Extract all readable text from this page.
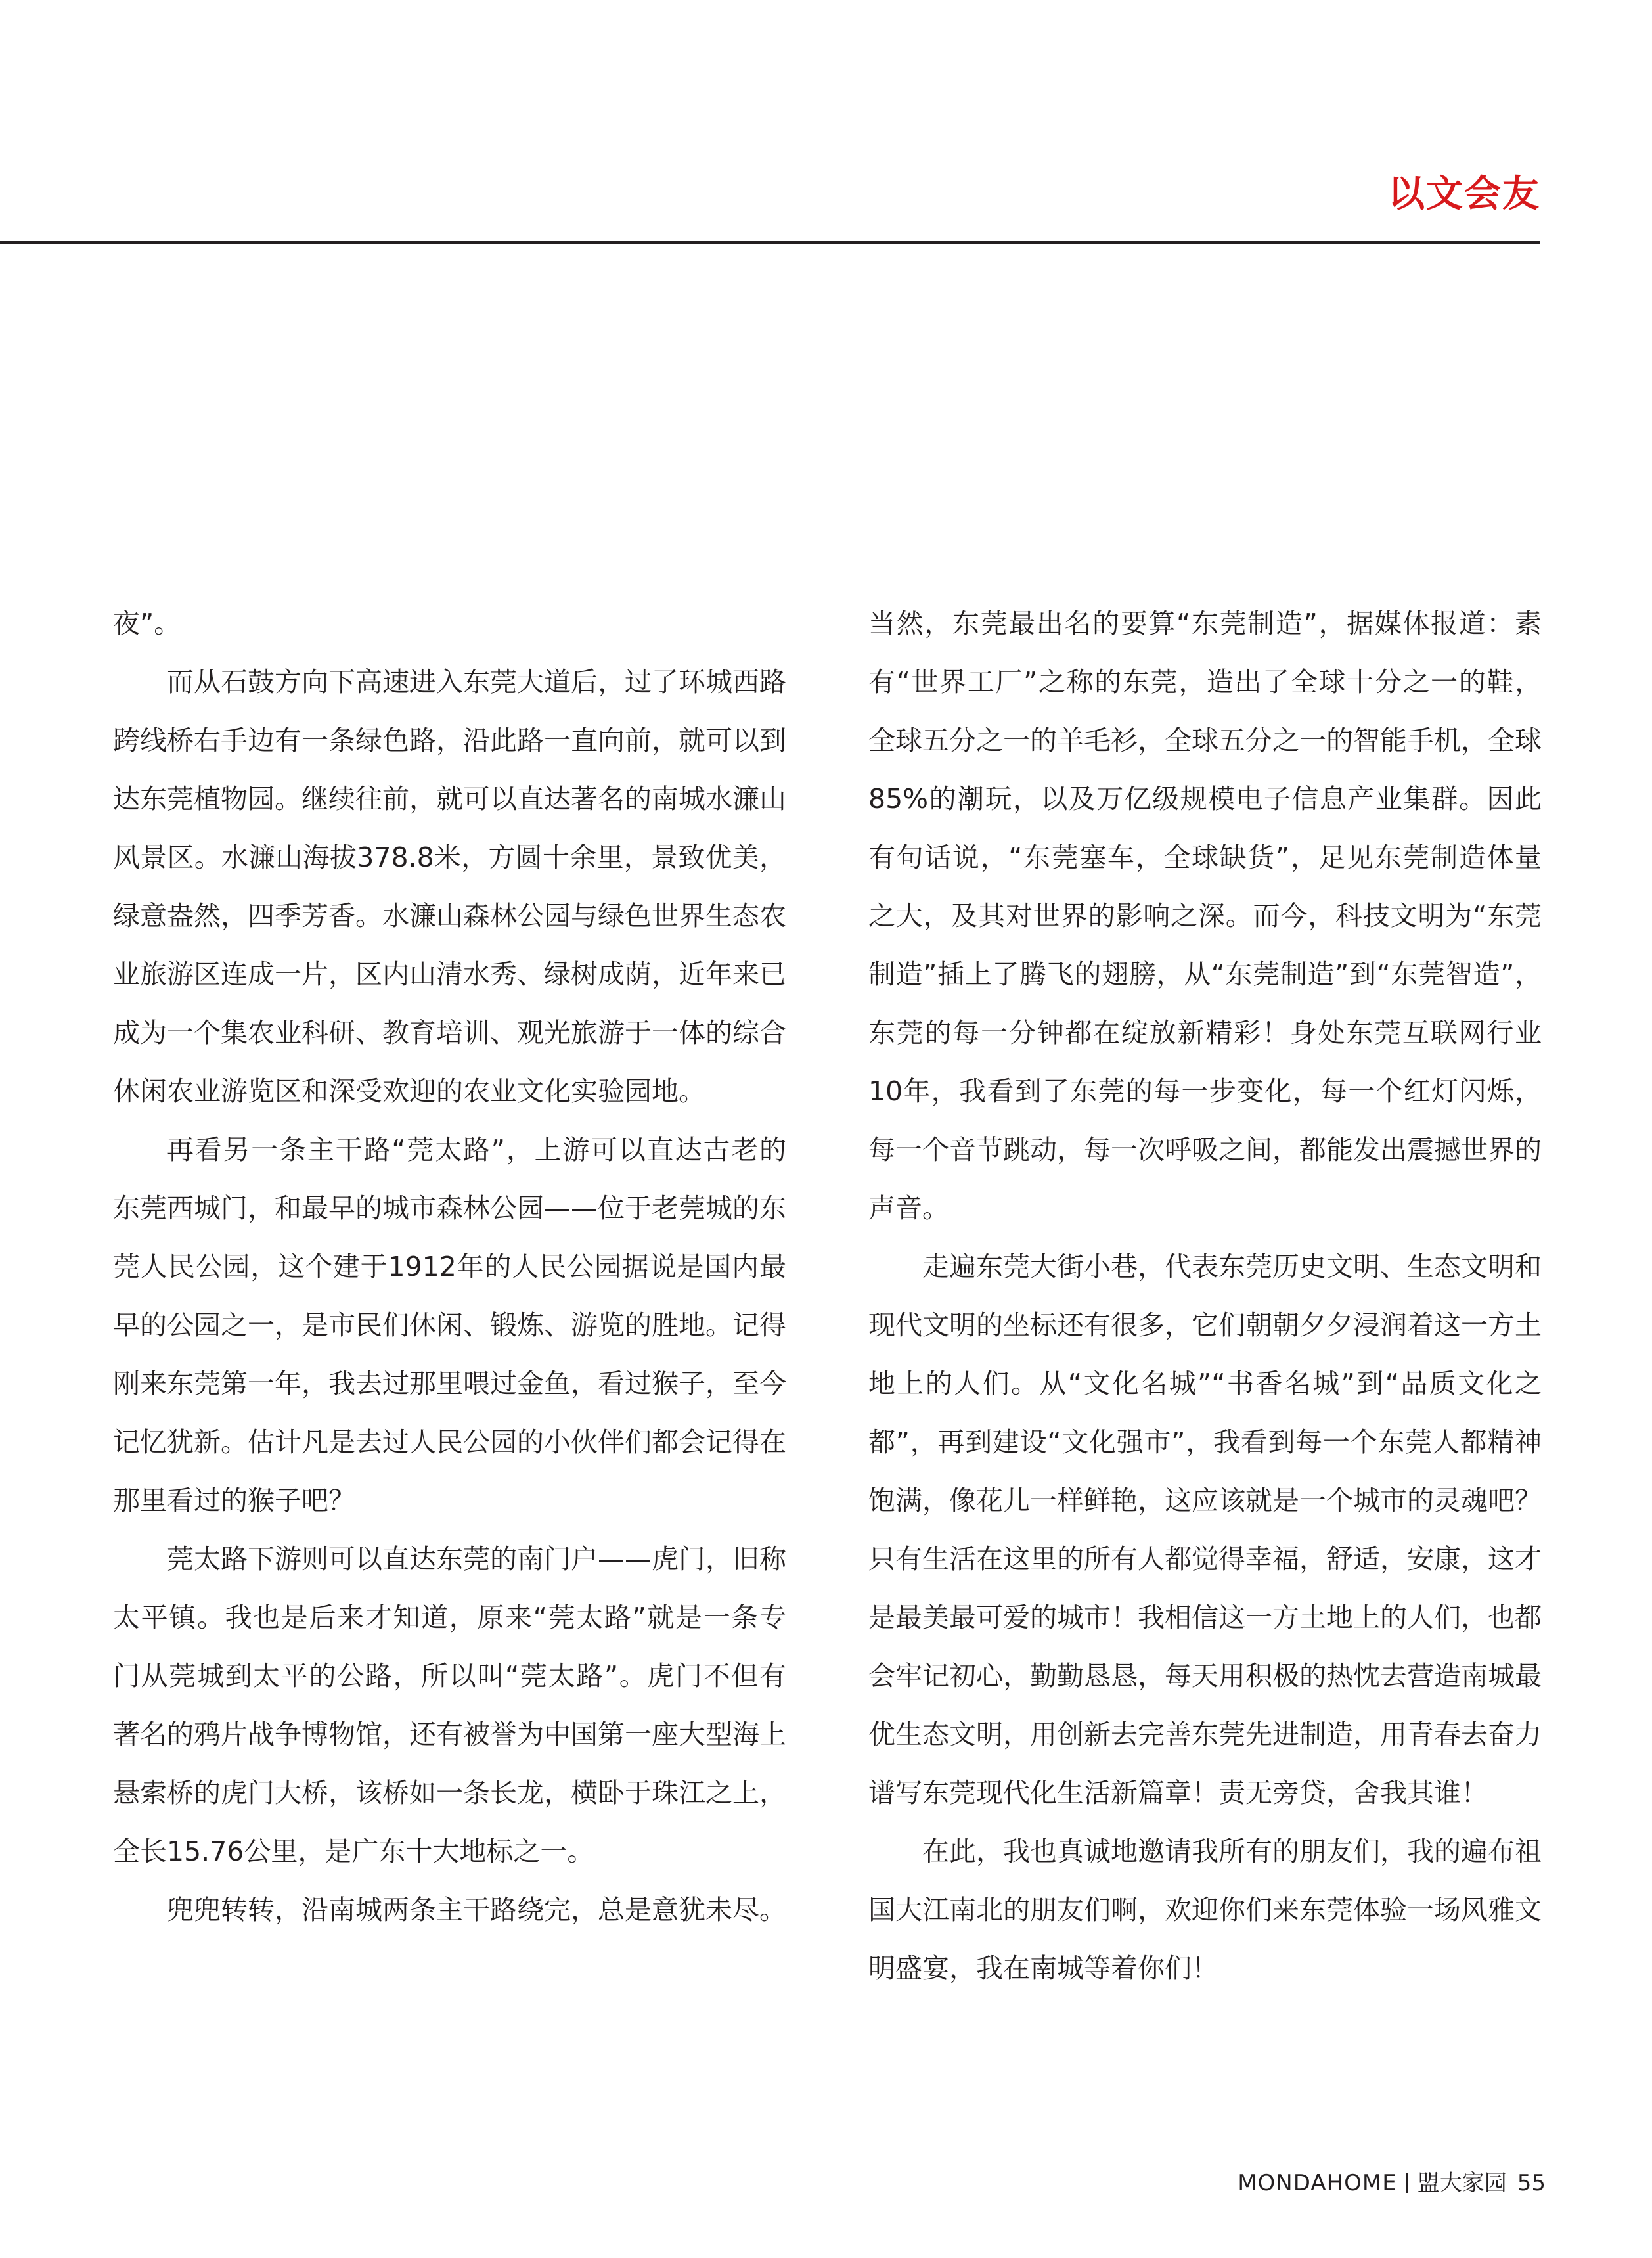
以文会友

夜”。

而从石鼓方向下高速进入东莞大道后，过了环城西路跨线桥右手边有一条绿色路，沿此路一直向前，就可以到达东莞植物园。继续往前，就可以直达著名的南城水濂山风景区。水濂山海拔378.8米，方圆十余里，景致优美，绿意盎然，四季芳香。水濂山森林公园与绿色世界生态农业旅游区连成一片，区内山清水秀、绿树成荫，近年来已成为一个集农业科研、教育培训、观光旅游于一体的综合休闲农业游览区和深受欢迎的农业文化实验园地。

再看另一条主干路“莞太路”，上游可以直达古老的东莞西城门，和最早的城市森林公园——位于老莞城的东莞人民公园，这个建于1912年的人民公园据说是国内最早的公园之一，是市民们休闲、锻炼、游览的胜地。记得刚来东莞第一年，我去过那里喂过金鱼，看过猴子，至今记忆犹新。估计凡是去过人民公园的小伙伴们都会记得在那里看过的猴子吧？

莞太路下游则可以直达东莞的南门户——虎门，旧称太平镇。我也是后来才知道，原来“莞太路”就是一条专门从莞城到太平的公路，所以叫“莞太路”。虎门不但有著名的鸦片战争博物馆，还有被誉为中国第一座大型海上悬索桥的虎门大桥，该桥如一条长龙，横卧于珠江之上，全长15.76公里，是广东十大地标之一。

兜兜转转，沿南城两条主干路绕完，总是意犹未尽。

当然，东莞最出名的要算“东莞制造”，据媒体报道：素有“世界工厂”之称的东莞，造出了全球十分之一的鞋，全球五分之一的羊毛衫，全球五分之一的智能手机，全球85%的潮玩，以及万亿级规模电子信息产业集群。因此有句话说，“东莞塞车，全球缺货”，足见东莞制造体量之大，及其对世界的影响之深。而今，科技文明为“东莞制造”插上了腾飞的翅膀，从“东莞制造”到“东莞智造”，东莞的每一分钟都在绽放新精彩！身处东莞互联网行业10年，我看到了东莞的每一步变化，每一个红灯闪烁，每一个音节跳动，每一次呼吸之间，都能发出震撼世界的声音。

走遍东莞大街小巷，代表东莞历史文明、生态文明和现代文明的坐标还有很多，它们朝朝夕夕浸润着这一方土地上的人们。从“文化名城”“书香名城”到“品质文化之都”，再到建设“文化强市”，我看到每一个东莞人都精神饱满，像花儿一样鲜艳，这应该就是一个城市的灵魂吧？只有生活在这里的所有人都觉得幸福，舒适，安康，这才是最美最可爱的城市！我相信这一方土地上的人们，也都会牢记初心，勤勤恳恳，每天用积极的热忱去营造南城最优生态文明，用创新去完善东莞先进制造，用青春去奋力谱写东莞现代化生活新篇章！责无旁贷，舍我其谁！

在此，我也真诚地邀请我所有的朋友们，我的遍布祖国大江南北的朋友们啊，欢迎你们来东莞体验一场风雅文明盛宴，我在南城等着你们！

MONDAHOME 盟大家园 55
